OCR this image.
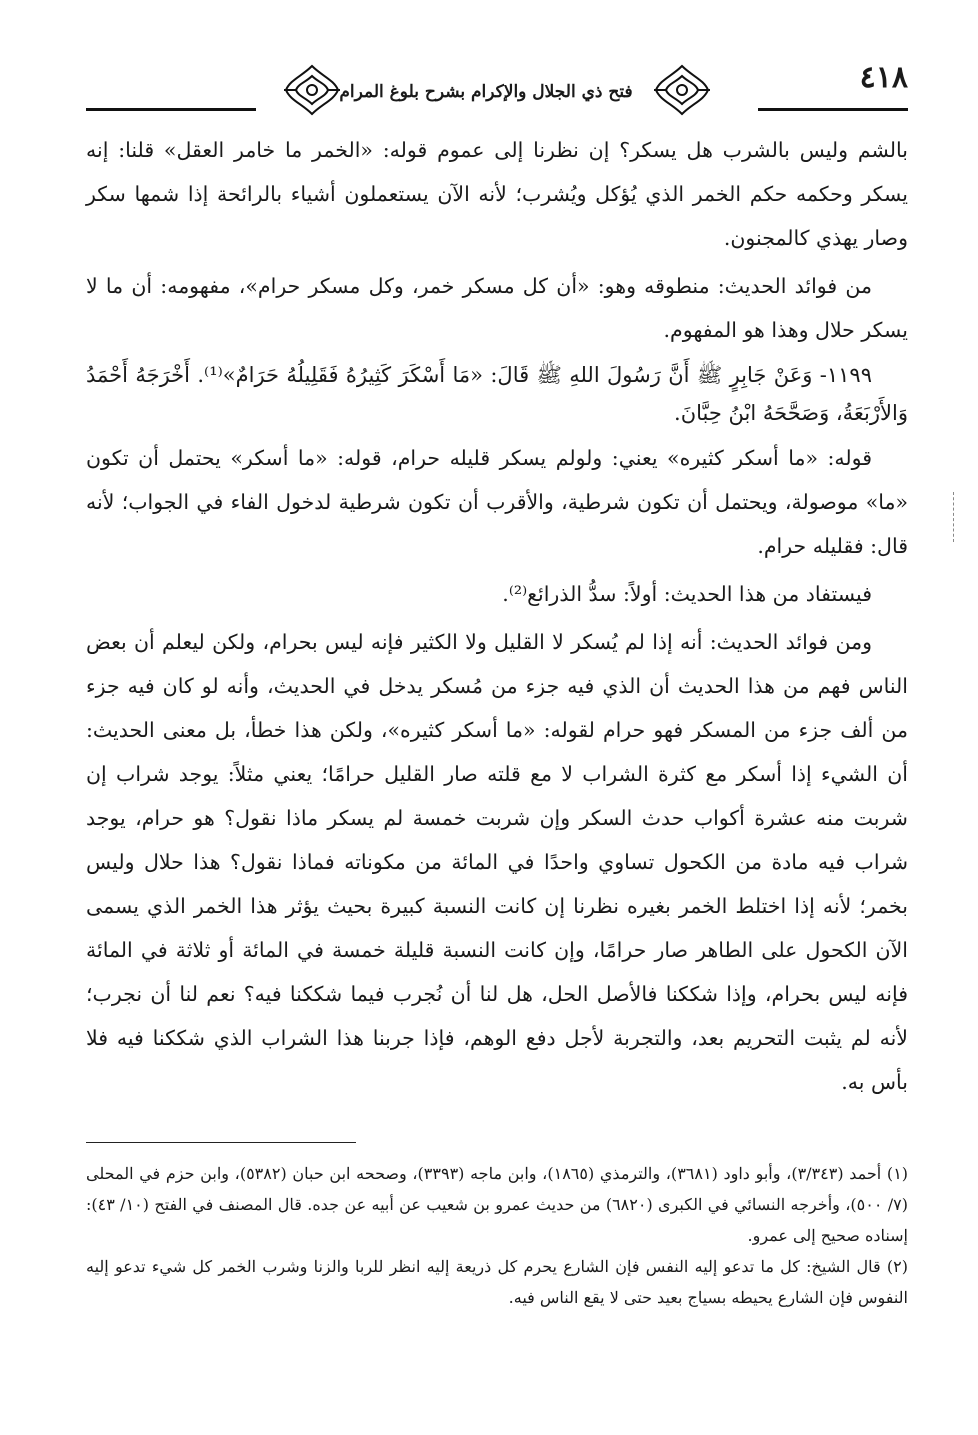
٤١٨
فتح ذي الجلال والإكرام بشرح بلوغ المرام

بالشم وليس بالشرب هل يسكر؟ إن نظرنا إلى عموم قوله: «الخمر ما خامر العقل» قلنا: إنه يسكر وحكمه حكم الخمر الذي يُؤكل ويُشرب؛ لأنه الآن يستعملون أشياء بالرائحة إذا شمها سكر وصار يهذي كالمجنون.

من فوائد الحديث: منطوقه وهو: «أن كل مسكر خمر، وكل مسكر حرام»، مفهومه: أن ما لا يسكر حلال وهذا هو المفهوم.

١١٩٩- وَعَنْ جَابِرٍ ﷺ أَنَّ رَسُولَ اللهِ ﷺ قَالَ: «مَا أَسْكَرَ كَثِيرُهُ فَقَلِيلُهُ حَرَامٌ»⁽¹⁾. أَخْرَجَهُ أَحْمَدُ وَالأَرْبَعَةُ، وَصَحَّحَهُ ابْنُ حِبَّانَ.

قوله: «ما أسكر كثيره» يعني: ولولم يسكر قليله حرام، قوله: «ما أسكر» يحتمل أن تكون «ما» موصولة، ويحتمل أن تكون شرطية، والأقرب أن تكون شرطية لدخول الفاء في الجواب؛ لأنه قال: فقليله حرام.

فيستفاد من هذا الحديث: أولاً: سدُّ الذرائع⁽²⁾.

ومن فوائد الحديث: أنه إذا لم يُسكر لا القليل ولا الكثير فإنه ليس بحرام، ولكن ليعلم أن بعض الناس فهم من هذا الحديث أن الذي فيه جزء من مُسكر يدخل في الحديث، وأنه لو كان فيه جزء من ألف جزء من المسكر فهو حرام لقوله: «ما أسكر كثيره»، ولكن هذا خطأ، بل معنى الحديث: أن الشيء إذا أسكر مع كثرة الشراب لا مع قلته صار القليل حرامًا؛ يعني مثلاً: يوجد شراب إن شربت منه عشرة أكواب حدث السكر وإن شربت خمسة لم يسكر ماذا نقول؟ هو حرام، يوجد شراب فيه مادة من الكحول تساوي واحدًا في المائة من مكوناته فماذا نقول؟ هذا حلال وليس بخمر؛ لأنه إذا اختلط الخمر بغيره نظرنا إن كانت النسبة كبيرة بحيث يؤثر هذا الخمر الذي يسمى الآن الكحول على الطاهر صار حرامًا، وإن كانت النسبة قليلة خمسة في المائة أو ثلاثة في المائة فإنه ليس بحرام، وإذا شككنا فالأصل الحل، هل لنا أن نُجرب فيما شككنا فيه؟ نعم لنا أن نجرب؛ لأنه لم يثبت التحريم بعد، والتجربة لأجل دفع الوهم، فإذا جربنا هذا الشراب الذي شككنا فيه فلا بأس به.

(١) أحمد (٣/٣٤٣)، وأبو داود (٣٦٨١)، والترمذي (١٨٦٥)، وابن ماجه (٣٣٩٣)، وصححه ابن حبان (٥٣٨٢)، وابن حزم في المحلى (٧/ ٥٠٠)، وأخرجه النسائي في الكبرى (٦٨٢٠) من حديث عمرو بن شعيب عن أبيه عن جده. قال المصنف في الفتح (١٠/ ٤٣): إسناده صحيح إلى عمرو.

(٢) قال الشيخ: كل ما تدعو إليه النفس فإن الشارع يحرم كل ذريعة إليه انظر للربا والزنا وشرب الخمر كل شيء تدعو إليه النفوس فإن الشارع يحيطه بسياج بعيد حتى لا يقع الناس فيه.
